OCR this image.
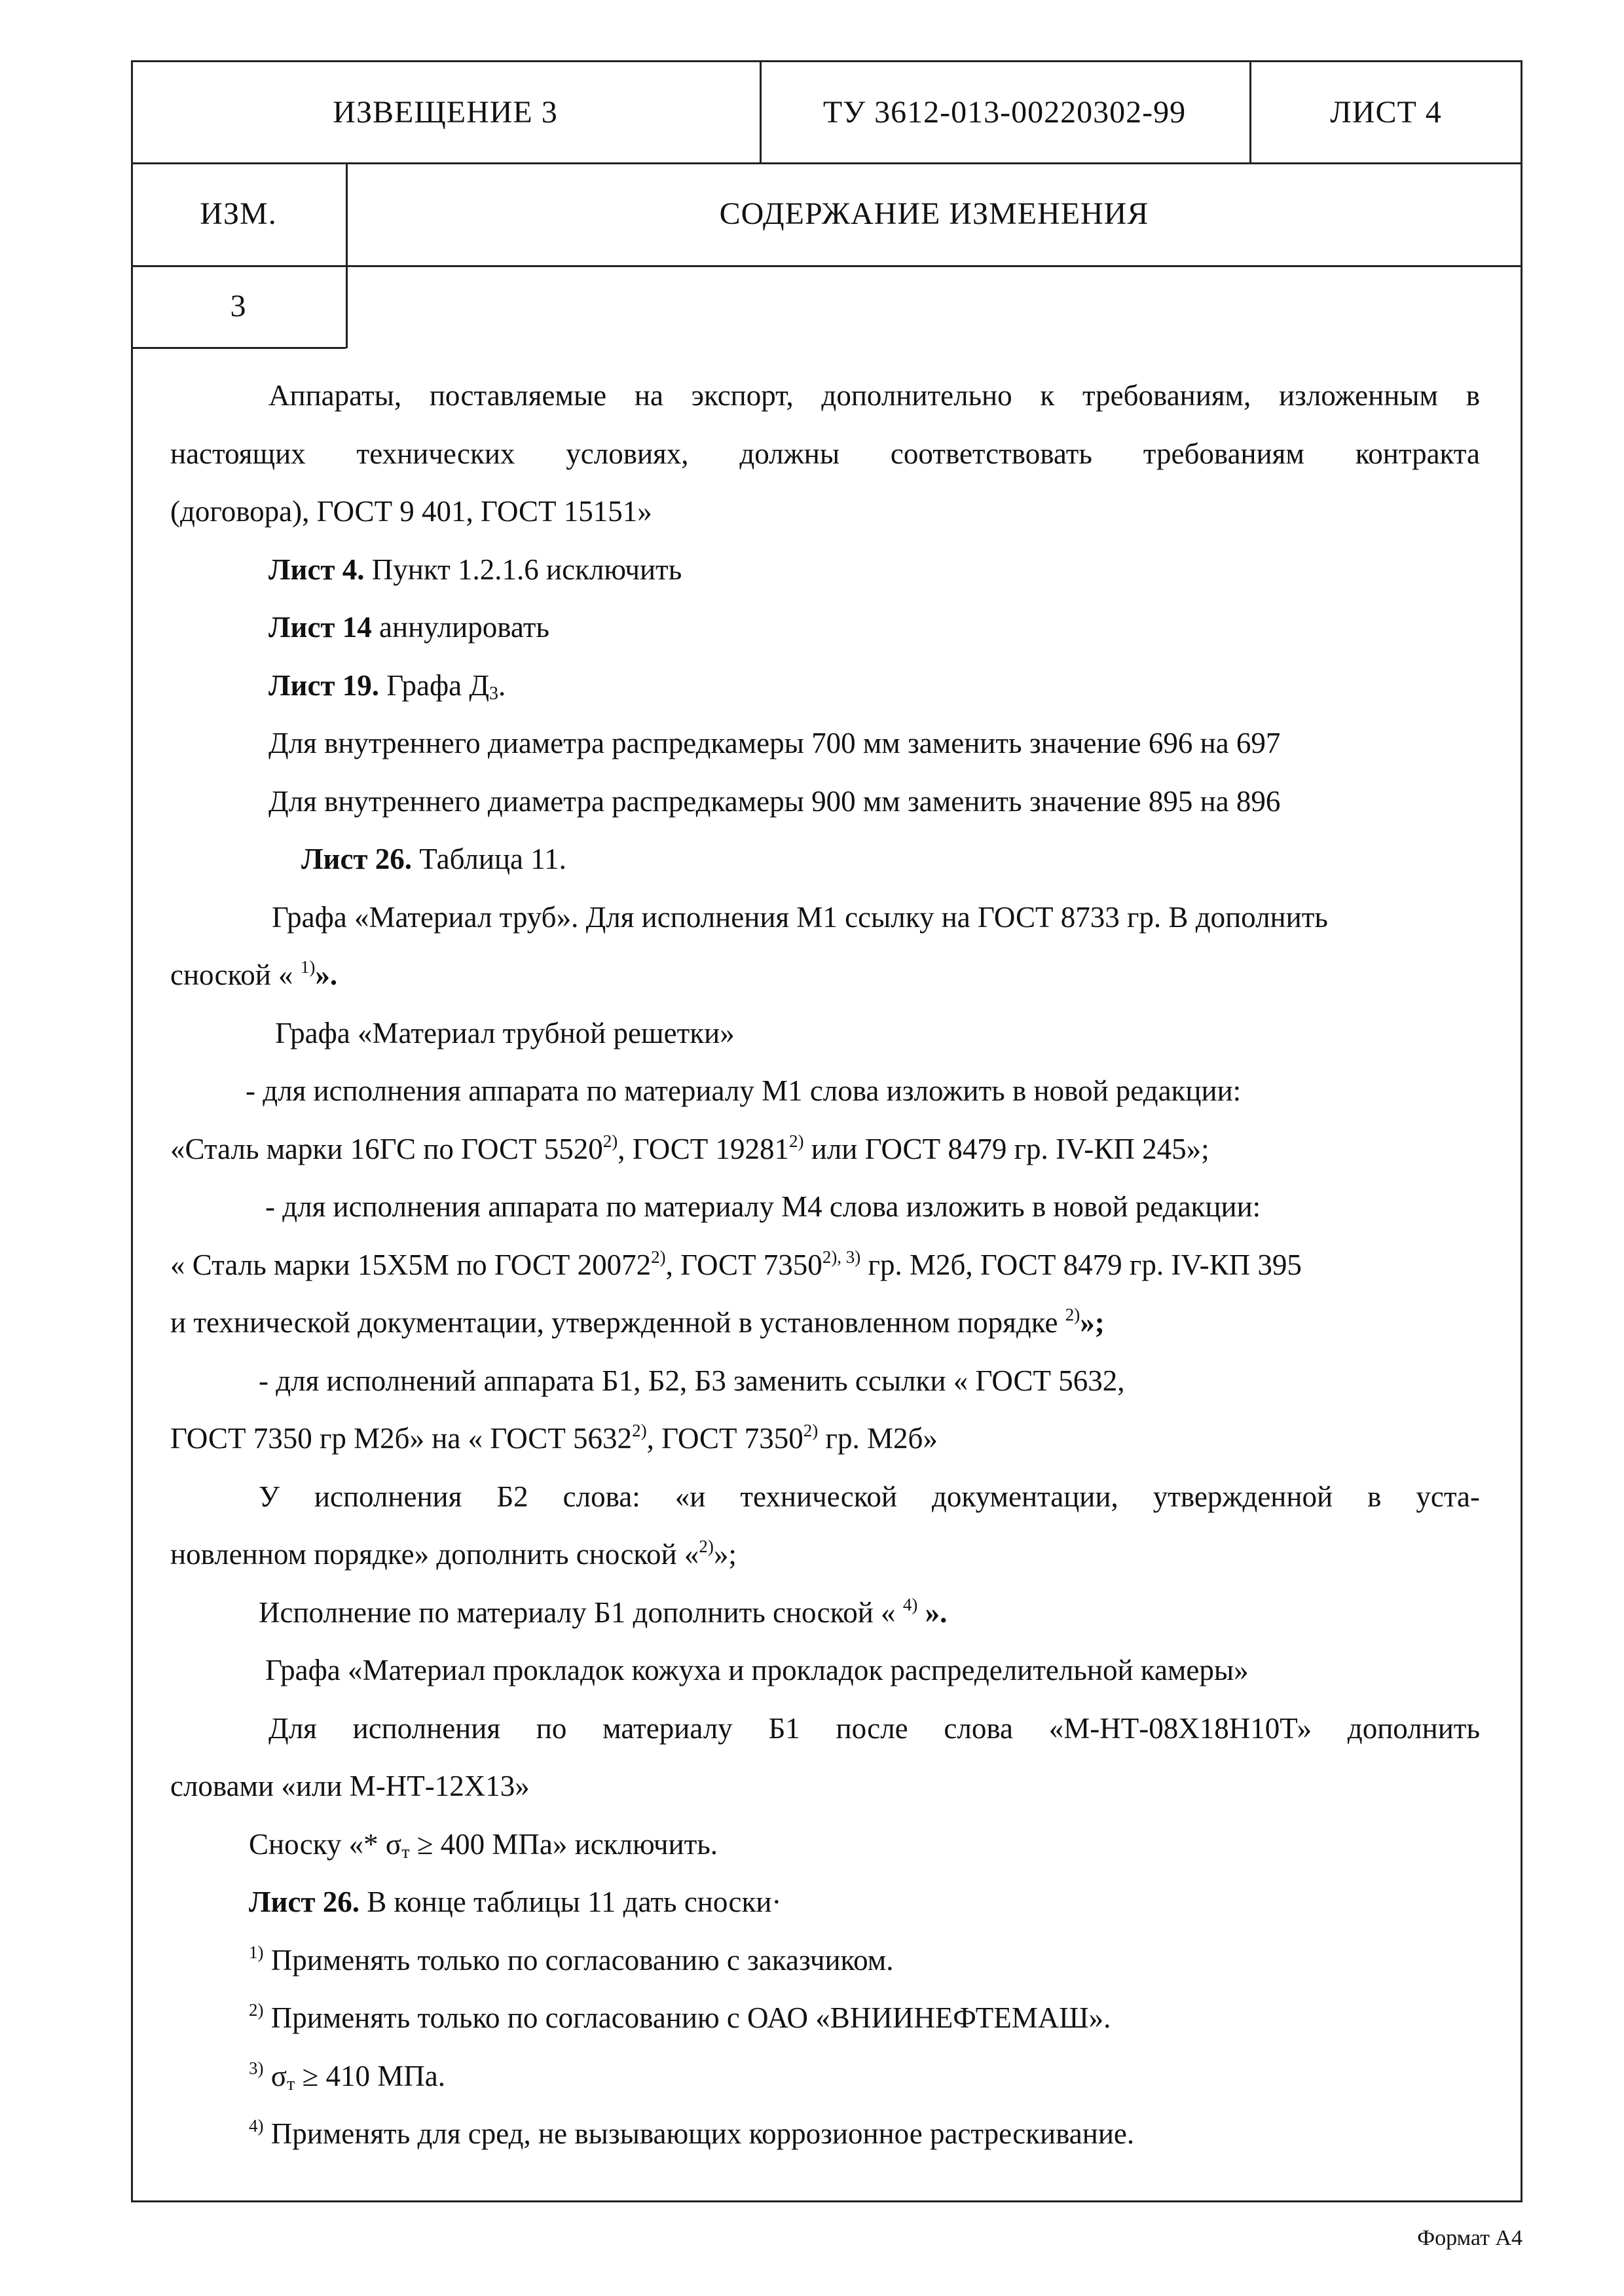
ИЗВЕЩЕНИЕ 3	ТУ 3612-013-00220302-99	ЛИСТ 4
ИЗМ.	СОДЕРЖАНИЕ ИЗМЕНЕНИЯ
3
Аппараты, поставляемые на экспорт, дополнительно к требованиям, изложенным в
настоящих технических условиях, должны соответствовать требованиям контракта
(договора), ГОСТ 9 401, ГОСТ 15151»
Лист 4. Пункт 1.2.1.6 исключить
Лист 14 аннулировать
Лист 19. Графа $Д_3$.
Для внутреннего диаметра распредкамеры 700 мм заменить значение 696 на 697
Для внутреннего диаметра распредкамеры 900 мм заменить значение 895 на 896
Лист 26. Таблица 11.
Графа «Материал труб». Для исполнения М1 ссылку на ГОСТ 8733 гр. В дополнить
сноской « $^{1)}$».
Графа «Материал трубной решетки»
- для исполнения аппарата по материалу М1 слова изложить в новой редакции:
«Сталь марки 16ГС по ГОСТ 5520$^{2)}$, ГОСТ 19281$^{2)}$ или ГОСТ 8479 гр. IV-КП 245»;
- для исполнения аппарата по материалу М4 слова изложить в новой редакции:
« Сталь марки 15Х5М по ГОСТ 20072$^{2)}$, ГОСТ $7350^{2), 3)}$ гр. М2б, ГОСТ 8479 гр. IV-КП 395
и технической документации, утвержденной в установленном порядке $^{2)}$»;
- для исполнений аппарата Б1, Б2, Б3 заменить ссылки « ГОСТ 5632,
ГОСТ 7350 гр М2б» на « ГОСТ 5632$^{2)}$, ГОСТ 7350$^{2)}$ гр. М2б»
У исполнения Б2 слова: «и технической документации, утвержденной в уста-
новленном порядке» дополнить сноской «$^{2)}$»;
Исполнение по материалу Б1 дополнить сноской « $^{4)}$ ».
Графа «Материал прокладок кожуха и прокладок распределительной камеры»
Для исполнения по материалу Б1 после слова «М-НТ-08Х18Н10Т» дополнить
словами «или М-НТ-12Х13»
Сноску «* $\sigma_т \ge 400$ МПа» исключить.
Лист 26. В конце таблицы 11 дать сноски·
$^{1)}$ Применять только по согласованию с заказчиком.
$^{2)}$ Применять только по согласованию с ОАО «ВНИИНЕФТЕМАШ».
$^{3)}$ $\sigma_т \ge 410$ МПа.
$^{4)}$ Применять для сред, не вызывающих коррозионное растрескивание.
Формат А4
